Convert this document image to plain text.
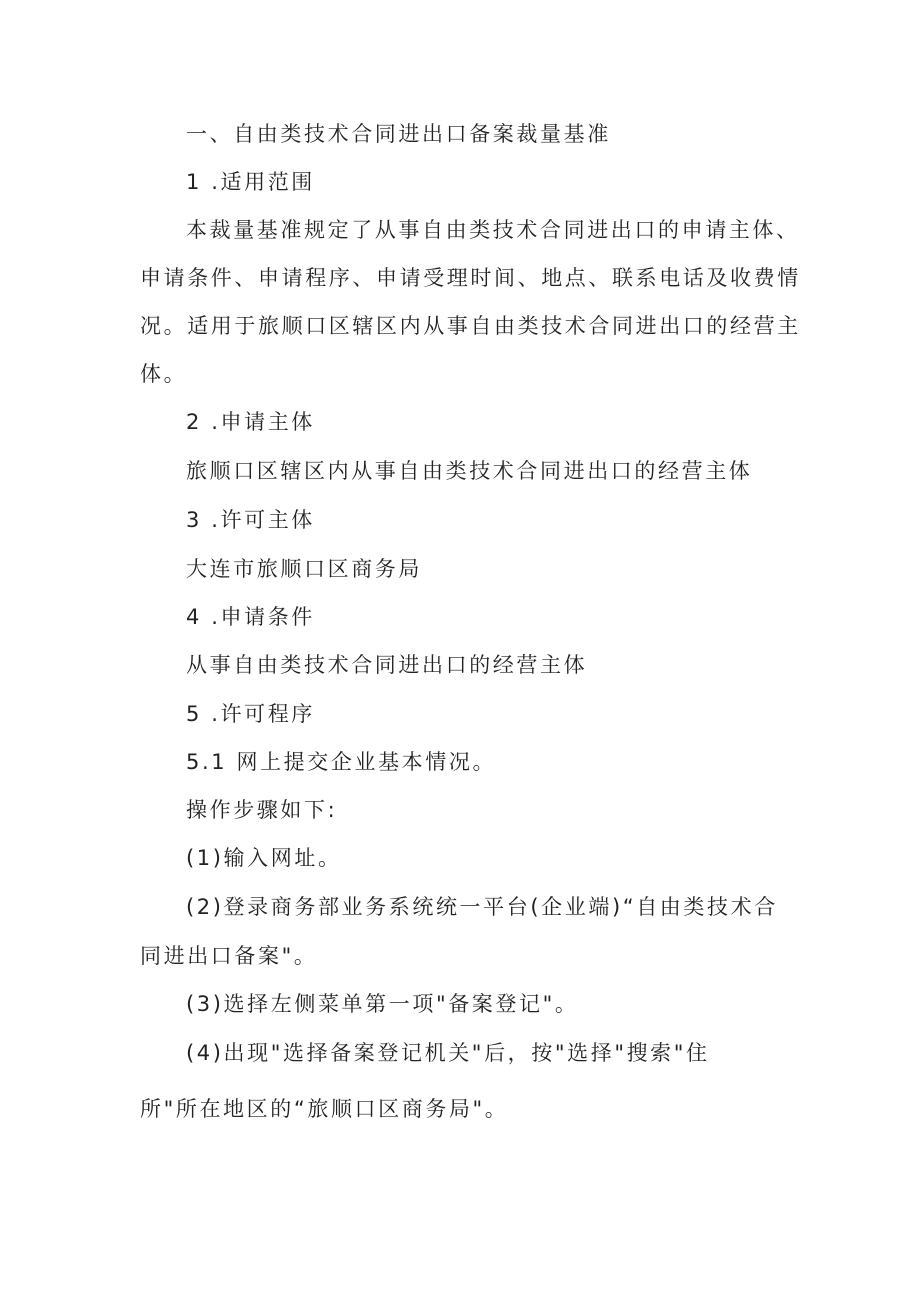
一、自由类技术合同进出口备案裁量基准

1 .适用范围

本裁量基准规定了从事自由类技术合同进出口的申请主体、

申请条件、申请程序、申请受理时间、地点、联系电话及收费情

况。适用于旅顺口区辖区内从事自由类技术合同进出口的经营主

体。

2 .申请主体

旅顺口区辖区内从事自由类技术合同进出口的经营主体

3 .许可主体

大连市旅顺口区商务局

4 .申请条件

从事自由类技术合同进出口的经营主体

5 .许可程序

5.1 网上提交企业基本情况。

操作步骤如下:

(1)输入网址。

(2)登录商务部业务系统统一平台(企业端)“自由类技术合

同进出口备案"。

(3)选择左侧菜单第一项"备案登记"。

(4)出现"选择备案登记机关"后，按"选择"搜索"住

所"所在地区的“旅顺口区商务局"。
